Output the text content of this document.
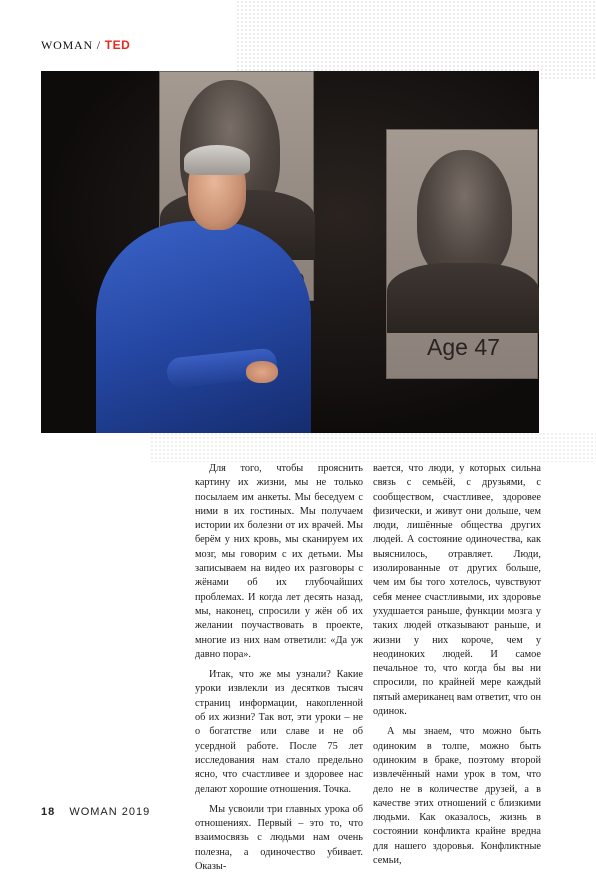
WOMAN / TED
Age 47

Для того, чтобы прояснить картину их жизни, мы не только посылаем им анкеты. Мы беседуем с ними в их гостиных. Мы получаем истории их болезни от их врачей. Мы берём у них кровь, мы сканируем их мозг, мы говорим с их детьми. Мы записываем на видео их разговоры с жёнами об их глубочайших проблемах. И когда лет десять назад, мы, наконец, спросили у жён об их желании поучаствовать в проекте, многие из них нам ответили: «Да уж давно пора».

Итак, что же мы узнали? Какие уроки извлекли из десятков тысяч страниц информации, накопленной об их жизни? Так вот, эти уроки – не о богатстве или славе и не об усердной работе. После 75 лет исследования нам стало предельно ясно, что счастливее и здоровее нас делают хорошие отношения. Точка.

Мы усвоили три главных урока об отношениях. Первый – это то, что взаимосвязь с людьми нам очень полезна, а одиночество убивает. Оказы-

вается, что люди, у которых сильна связь с семьёй, с друзьями, с сообществом, счастливее, здоровее физически, и живут они дольше, чем люди, лишённые общества других людей. А состояние одиночества, как выяснилось, отравляет. Люди, изолированные от других больше, чем им бы того хотелось, чувствуют себя менее счастливыми, их здоровье ухудшается раньше, функции мозга у таких людей отказывают раньше, и жизни у них короче, чем у неодиноких людей. И самое печальное то, что когда бы вы ни спросили, по крайней мере каждый пятый американец вам ответит, что он одинок.

А мы знаем, что можно быть одиноким в толпе, можно быть одиноким в браке, поэтому второй извлечённый нами урок в том, что дело не в количестве друзей, а в качестве этих отношений с близкими людьми. Как оказалось, жизнь в состоянии конфликта крайне вредна для нашего здоровья. Конфликтные семьи,

18 WOMAN 2019
